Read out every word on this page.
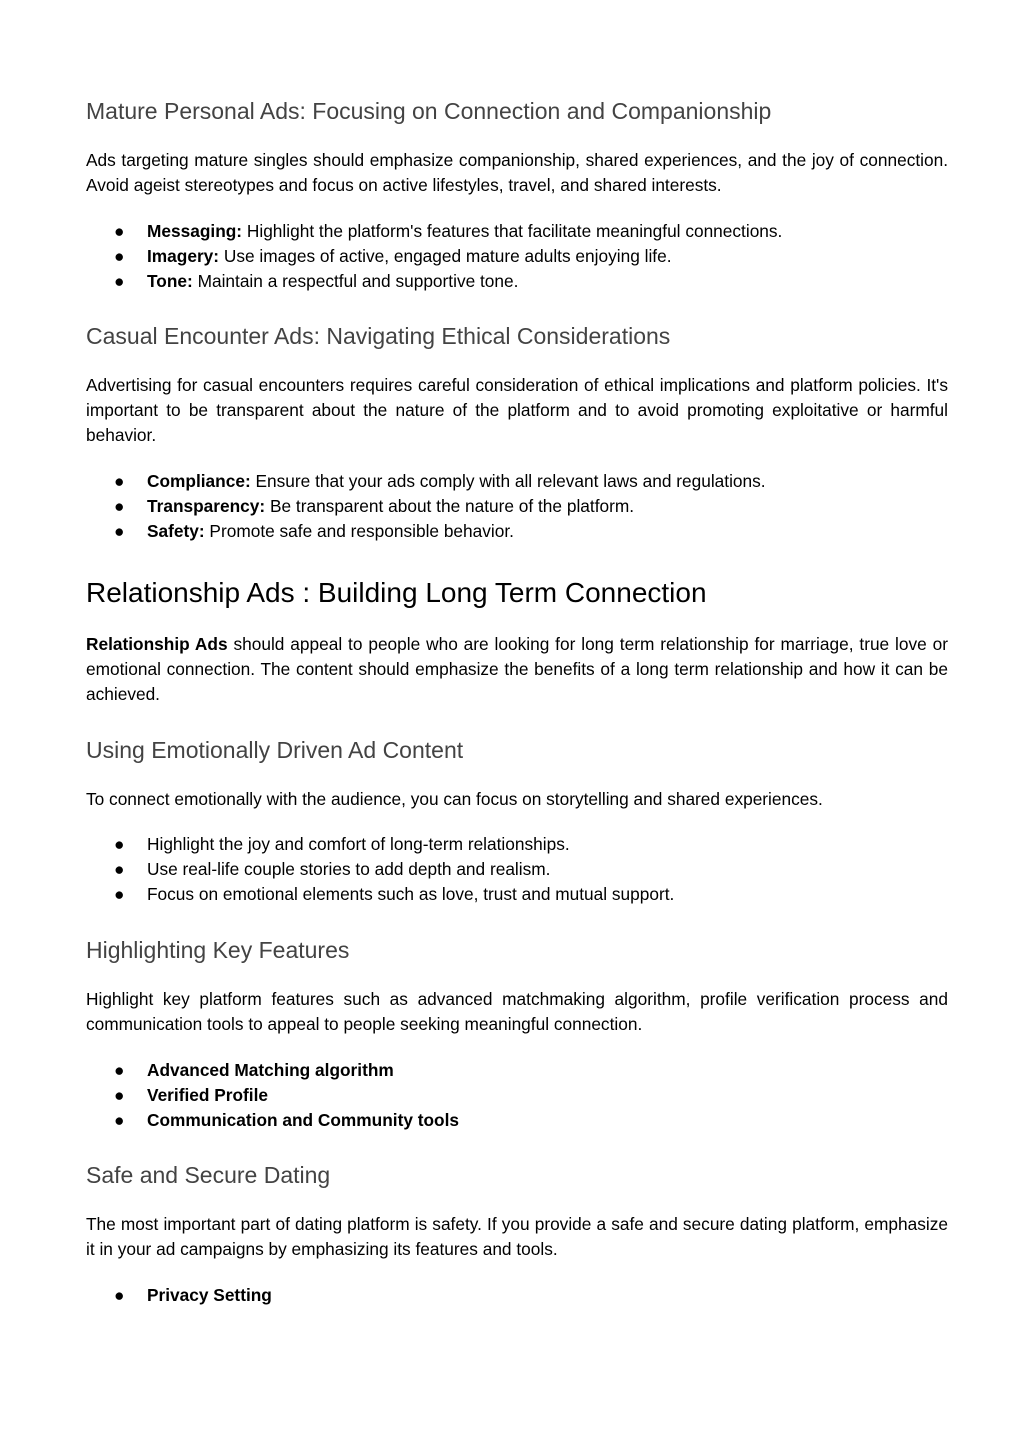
Mature Personal Ads: Focusing on Connection and Companionship

Ads targeting mature singles should emphasize companionship, shared experiences, and the joy of connection. Avoid ageist stereotypes and focus on active lifestyles, travel, and shared interests.

● Messaging: Highlight the platform's features that facilitate meaningful connections.
● Imagery: Use images of active, engaged mature adults enjoying life.
● Tone: Maintain a respectful and supportive tone.
Casual Encounter Ads: Navigating Ethical Considerations

Advertising for casual encounters requires careful consideration of ethical implications and platform policies. It's important to be transparent about the nature of the platform and to avoid promoting exploitative or harmful behavior.

● Compliance: Ensure that your ads comply with all relevant laws and regulations.
● Transparency: Be transparent about the nature of the platform.
● Safety: Promote safe and responsible behavior.
Relationship Ads : Building Long Term Connection

Relationship Ads should appeal to people who are looking for long term relationship for marriage, true love or emotional connection. The content should emphasize the benefits of a long term relationship and how it can be achieved.

Using Emotionally Driven Ad Content

To connect emotionally with the audience, you can focus on storytelling and shared experiences.

● Highlight the joy and comfort of long-term relationships.
● Use real-life couple stories to add depth and realism.
● Focus on emotional elements such as love, trust and mutual support.
Highlighting Key Features

Highlight key platform features such as advanced matchmaking algorithm, profile verification process and communication tools to appeal to people seeking meaningful connection.

● Advanced Matching algorithm
● Verified Profile
● Communication and Community tools
Safe and Secure Dating

The most important part of dating platform is safety. If you provide a safe and secure dating platform, emphasize it in your ad campaigns by emphasizing its features and tools.

● Privacy Setting
